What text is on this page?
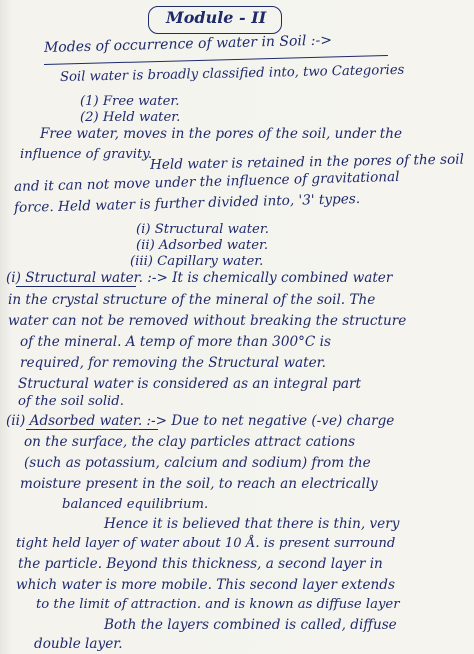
Module - II
Modes of occurrence of water in Soil :->
Soil water is broadly classified into, two Categories
(1) Free water.
(2) Held water.
Free water, moves in the pores of the soil, under the
influence of gravity.
Held water is retained in the pores of the soil
and it can not move under the influence of gravitational
force. Held water is further divided into, '3' types.
(i) Structural water.
(ii) Adsorbed water.
(iii) Capillary water.
(i) Structural water. :-> It is chemically combined water
in the crystal structure of the mineral of the soil. The
water can not be removed without breaking the structure
of the mineral. A temp of more than 300°C is
required, for removing the Structural water.
Structural water is considered as an integral part
of the soil solid.
(ii) Adsorbed water. :-> Due to net negative (-ve) charge
on the surface, the clay particles attract cations
(such as potassium, calcium and sodium) from the
moisture present in the soil, to reach an electrically
balanced equilibrium.
Hence it is believed that there is thin, very
tight held layer of water about 10 Å. is present surround
the particle. Beyond this thickness, a second layer in
which water is more mobile. This second layer extends
to the limit of attraction. and is known as diffuse layer
Both the layers combined is called, diffuse
double layer.
